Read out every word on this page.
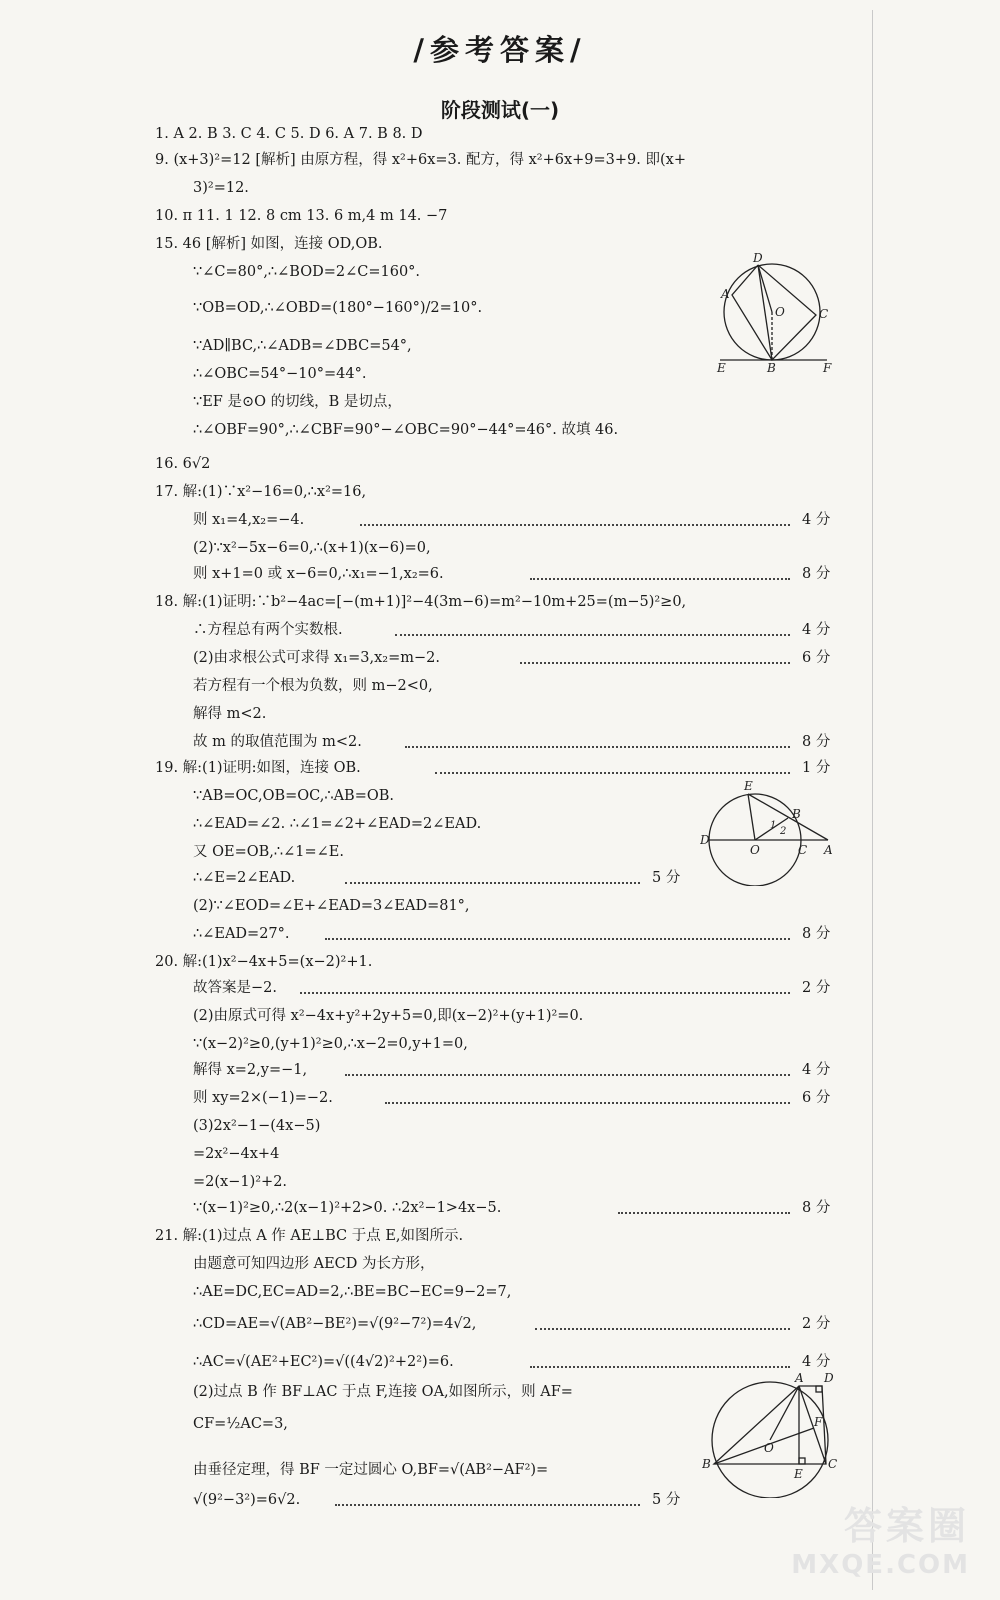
/参考答案/
阶段测试(一)
1. A 2. B 3. C 4. C 5. D 6. A 7. B 8. D
9. (x+3)²=12 [解析] 由原方程，得 x²+6x=3. 配方，得 x²+6x+9=3+9. 即(x+
3)²=12.
10. π 11. 1 12. 8 cm 13. 6 m,4 m 14. −7
15. 46 [解析] 如图，连接 OD,OB.
∵∠C=80°,∴∠BOD=2∠C=160°.
∵OB=OD,∴∠OBD=(180°−160°)/2=10°.
∵AD∥BC,∴∠ADB=∠DBC=54°,
∴∠OBC=54°−10°=44°.
∵EF 是⊙O 的切线，B 是切点，
∴∠OBF=90°,∴∠CBF=90°−∠OBC=90°−44°=46°. 故填 46.
16. 6√2
17. 解:(1)∵x²−16=0,∴x²=16,
则 x₁=4,x₂=−4.
(2)∵x²−5x−6=0,∴(x+1)(x−6)=0,
则 x+1=0 或 x−6=0,∴x₁=−1,x₂=6.
18. 解:(1)证明:∵b²−4ac=[−(m+1)]²−4(3m−6)=m²−10m+25=(m−5)²≥0,
∴方程总有两个实数根.
(2)由求根公式可求得 x₁=3,x₂=m−2.
若方程有一个根为负数，则 m−2<0,
解得 m<2.
故 m 的取值范围为 m<2.
19. 解:(1)证明:如图，连接 OB.
∵AB=OC,OB=OC,∴AB=OB.
∴∠EAD=∠2. ∴∠1=∠2+∠EAD=2∠EAD.
又 OE=OB,∴∠1=∠E.
∴∠E=2∠EAD.
(2)∵∠EOD=∠E+∠EAD=3∠EAD=81°,
∴∠EAD=27°.
20. 解:(1)x²−4x+5=(x−2)²+1.
故答案是−2.
(2)由原式可得 x²−4x+y²+2y+5=0,即(x−2)²+(y+1)²=0.
∵(x−2)²≥0,(y+1)²≥0,∴x−2=0,y+1=0,
解得 x=2,y=−1,
则 xy=2×(−1)=−2.
(3)2x²−1−(4x−5)
=2x²−4x+4
=2(x−1)²+2.
∵(x−1)²≥0,∴2(x−1)²+2>0. ∴2x²−1>4x−5.
21. 解:(1)过点 A 作 AE⊥BC 于点 E,如图所示.
由题意可知四边形 AECD 为长方形，
∴AE=DC,EC=AD=2,∴BE=BC−EC=9−2=7,
∴CD=AE=√(AB²−BE²)=√(9²−7²)=4√2,
∴AC=√(AE²+EC²)=√((4√2)²+2²)=6.
(2)过点 B 作 BF⊥AC 于点 F,连接 OA,如图所示，则 AF=
CF=½AC=3,
由垂径定理，得 BF 一定过圆心 O,BF=√(AB²−AF²)=
√(9²−3²)=6√2.
4 分
8 分
4 分
6 分
8 分
1 分
5 分
8 分
2 分
4 分
6 分
8 分
2 分
4 分
5 分
D
A
O	C
E	B	F
E
B
1
2
D
O	C A
A D
F
O
B
E
C
答案圈
MXQE.COM
